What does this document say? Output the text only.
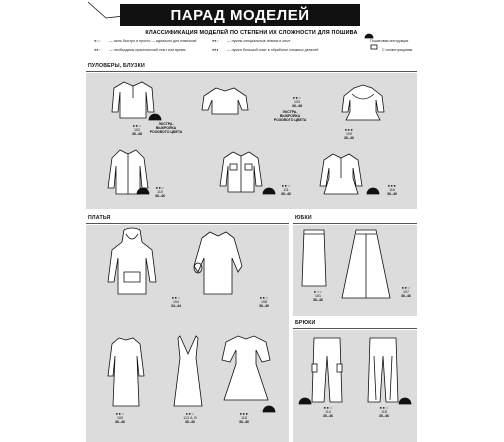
ПАРАД МОДЕЛЕЙ
КЛАССИФИКАЦИЯ МОДЕЛЕЙ ПО СТЕПЕНИ ИХ СЛОЖНОСТИ ДЛЯ ПОШИВА
●○○	— шить быстро и просто — идеально для новичков!	●●○	— нужны специальные знания и опыт	Пошаговая инструкция
●●○	— необходимы практический опыт или время	●●●	— нужен большой опыт в обработке сложных деталей	С иллюстрациями
ПУЛОВЕРЫ, БЛУЗКИ
ПЛАТЬЯ	ЮБКИ
БРЮКИ
●●○
102
36–48
ЭКСТРА-
ВЫКРОЙКА
РОЗОВОГО ЦВЕТА
●●○
103
36–48
ЭКСТРА-
ВЫКРОЙКА
РОЗОВОГО ЦВЕТА
●●●
109
36–46
●●○
110
36–46
●●○
111
36–46
●●●
116
36–46
●●○
104
34–44
●●○
108
36–46
●●○
105
36–46
●●○
113 А, В
36–46
●●●
118
36–46
●○○
101
36–46
●●○
107
36–46
●●○
114
36–46
●●○
115
36–46
